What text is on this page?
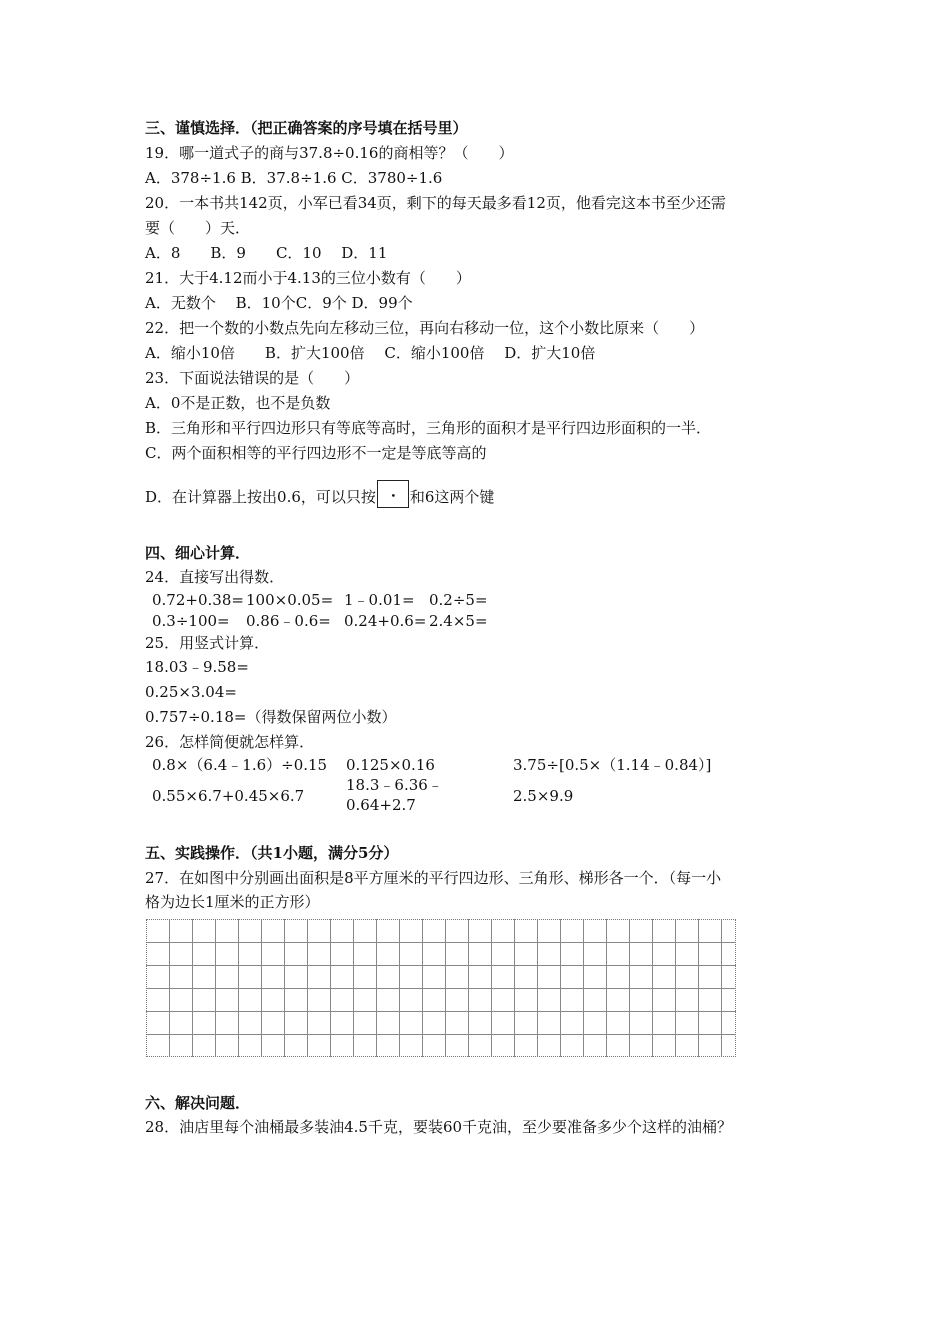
三、谨慎选择．（把正确答案的序号填在括号里）
19．哪一道式子的商与37.8÷0.16的商相等？（　　）
A．378÷1.6 B．37.8÷1.6 C．3780÷1.6
20．一本书共142页，小军已看34页，剩下的每天最多看12页，他看完这本书至少还需
要（　　）天．
A．8　　B．9　　C．10　 D．11
21．大于4.12而小于4.13的三位小数有（　　）
A．无数个　 B．10个C．9个 D．99个
22．把一个数的小数点先向左移动三位，再向右移动一位，这个小数比原来（　　）
A．缩小10倍　　B．扩大100倍　 C．缩小100倍　 D．扩大10倍
23．下面说法错误的是（　　）
A．0不是正数，也不是负数
B．三角形和平行四边形只有等底等高时，三角形的面积才是平行四边形面积的一半．
C．两个面积相等的平行四边形不一定是等底等高的
D．在计算器上按出0.6，可以只按 ． 和6这两个键
四、细心计算．
24．直接写出得数．
0.72+0.38= 100×0.05= 1﹣0.01= 0.2÷5=
0.3÷100= 0.86﹣0.6= 0.24+0.6= 2.4×5=
25．用竖式计算．
18.03﹣9.58=
0.25×3.04=
0.757÷0.18=（得数保留两位小数）
26．怎样简便就怎样算．
0.8×（6.4﹣1.6）÷0.15 0.125×0.16	3.75÷[0.5×（1.14﹣0.84）]
0.55×6.7+0.45×6.7
18.3﹣6.36﹣
0.64+2.7	2.5×9.9
五、实践操作．（共1小题，满分5分）
27．在如图中分别画出面积是8平方厘米的平行四边形、三角形、梯形各一个．（每一小
格为边长1厘米的正方形）
六、解决问题．
28．油店里每个油桶最多装油4.5千克，要装60千克油，至少要准备多少个这样的油桶？
